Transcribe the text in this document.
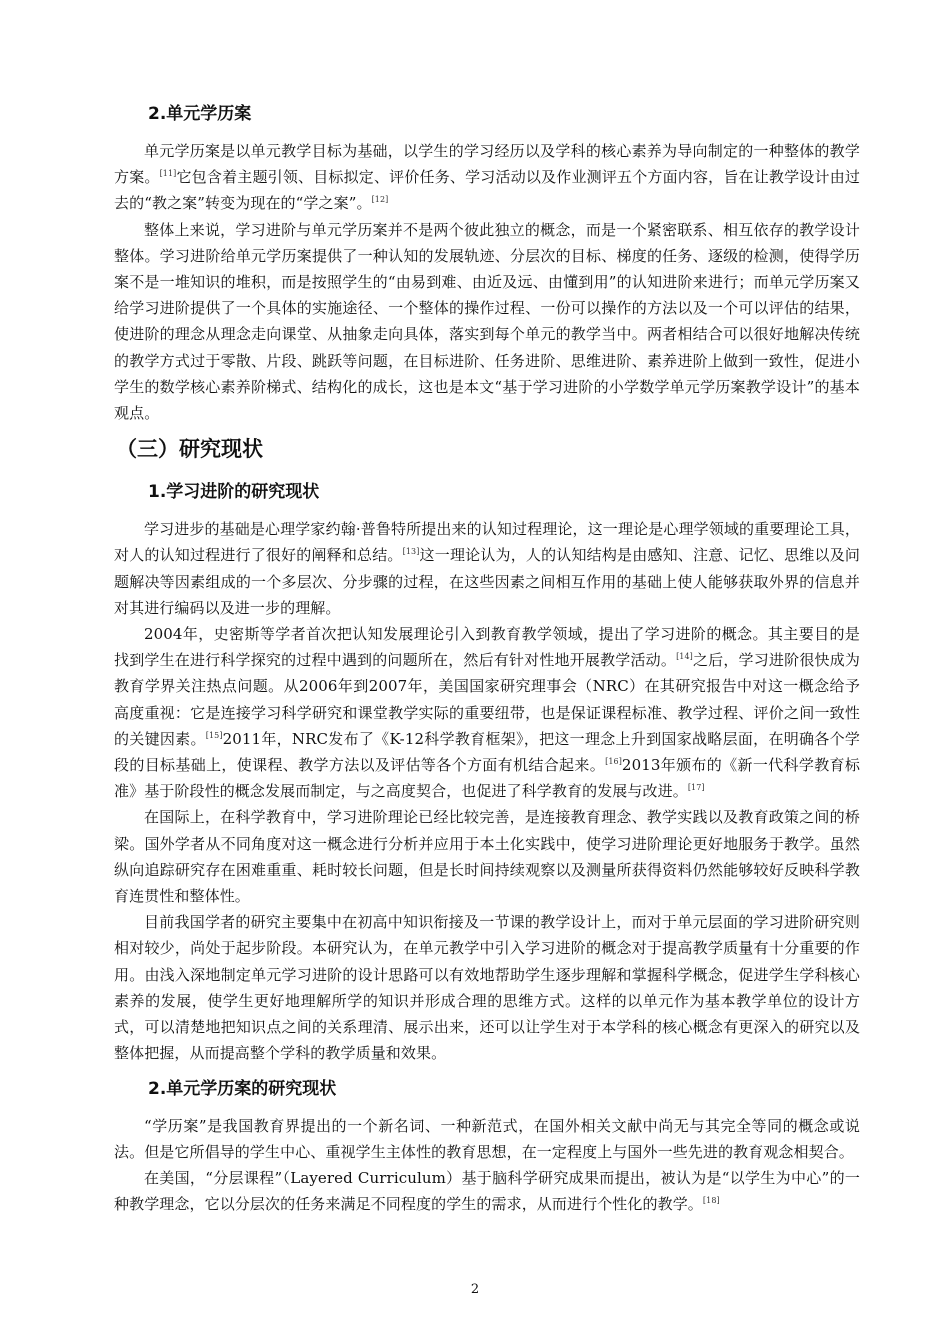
2.单元学历案

单元学历案是以单元教学目标为基础，以学生的学习经历以及学科的核心素养为导向制定的一种整体的教学方案。[11]它包含着主题引领、目标拟定、评价任务、学习活动以及作业测评五个方面内容，旨在让教学设计由过去的“教之案”转变为现在的“学之案”。[12]

整体上来说，学习进阶与单元学历案并不是两个彼此独立的概念，而是一个紧密联系、相互依存的教学设计整体。学习进阶给单元学历案提供了一种认知的发展轨迹、分层次的目标、梯度的任务、逐级的检测，使得学历案不是一堆知识的堆积，而是按照学生的“由易到难、由近及远、由懂到用”的认知进阶来进行；而单元学历案又给学习进阶提供了一个具体的实施途径、一个整体的操作过程、一份可以操作的方法以及一个可以评估的结果，使进阶的理念从理念走向课堂、从抽象走向具体，落实到每个单元的教学当中。两者相结合可以很好地解决传统的教学方式过于零散、片段、跳跃等问题，在目标进阶、任务进阶、思维进阶、素养进阶上做到一致性，促进小学生的数学核心素养阶梯式、结构化的成长，这也是本文“基于学习进阶的小学数学单元学历案教学设计”的基本观点。

（三）研究现状
1.学习进阶的研究现状

学习进步的基础是心理学家约翰·普鲁特所提出来的认知过程理论，这一理论是心理学领域的重要理论工具，对人的认知过程进行了很好的阐释和总结。[13]这一理论认为，人的认知结构是由感知、注意、记忆、思维以及问题解决等因素组成的一个多层次、分步骤的过程，在这些因素之间相互作用的基础上使人能够获取外界的信息并对其进行编码以及进一步的理解。

2004年，史密斯等学者首次把认知发展理论引入到教育教学领域，提出了学习进阶的概念。其主要目的是找到学生在进行科学探究的过程中遇到的问题所在，然后有针对性地开展教学活动。[14]之后，学习进阶很快成为教育学界关注热点问题。从2006年到2007年，美国国家研究理事会（NRC）在其研究报告中对这一概念给予高度重视：它是连接学习科学研究和课堂教学实际的重要纽带，也是保证课程标准、教学过程、评价之间一致性的关键因素。[15]2011年，NRC发布了《K-12科学教育框架》，把这一理念上升到国家战略层面，在明确各个学段的目标基础上，使课程、教学方法以及评估等各个方面有机结合起来。[16]2013年颁布的《新一代科学教育标准》基于阶段性的概念发展而制定，与之高度契合，也促进了科学教育的发展与改进。[17]

在国际上，在科学教育中，学习进阶理论已经比较完善，是连接教育理念、教学实践以及教育政策之间的桥梁。国外学者从不同角度对这一概念进行分析并应用于本土化实践中，使学习进阶理论更好地服务于教学。虽然纵向追踪研究存在困难重重、耗时较长问题，但是长时间持续观察以及测量所获得资料仍然能够较好反映科学教育连贯性和整体性。

目前我国学者的研究主要集中在初高中知识衔接及一节课的教学设计上，而对于单元层面的学习进阶研究则相对较少，尚处于起步阶段。本研究认为，在单元教学中引入学习进阶的概念对于提高教学质量有十分重要的作用。由浅入深地制定单元学习进阶的设计思路可以有效地帮助学生逐步理解和掌握科学概念，促进学生学科核心素养的发展，使学生更好地理解所学的知识并形成合理的思维方式。这样的以单元作为基本教学单位的设计方式，可以清楚地把知识点之间的关系理清、展示出来，还可以让学生对于本学科的核心概念有更深入的研究以及整体把握，从而提高整个学科的教学质量和效果。

2.单元学历案的研究现状

“学历案”是我国教育界提出的一个新名词、一种新范式，在国外相关文献中尚无与其完全等同的概念或说法。但是它所倡导的学生中心、重视学生主体性的教育思想，在一定程度上与国外一些先进的教育观念相契合。

在美国，“分层课程”（Layered Curriculum）基于脑科学研究成果而提出，被认为是“以学生为中心”的一种教学理念，它以分层次的任务来满足不同程度的学生的需求，从而进行个性化的教学。[18]

2
